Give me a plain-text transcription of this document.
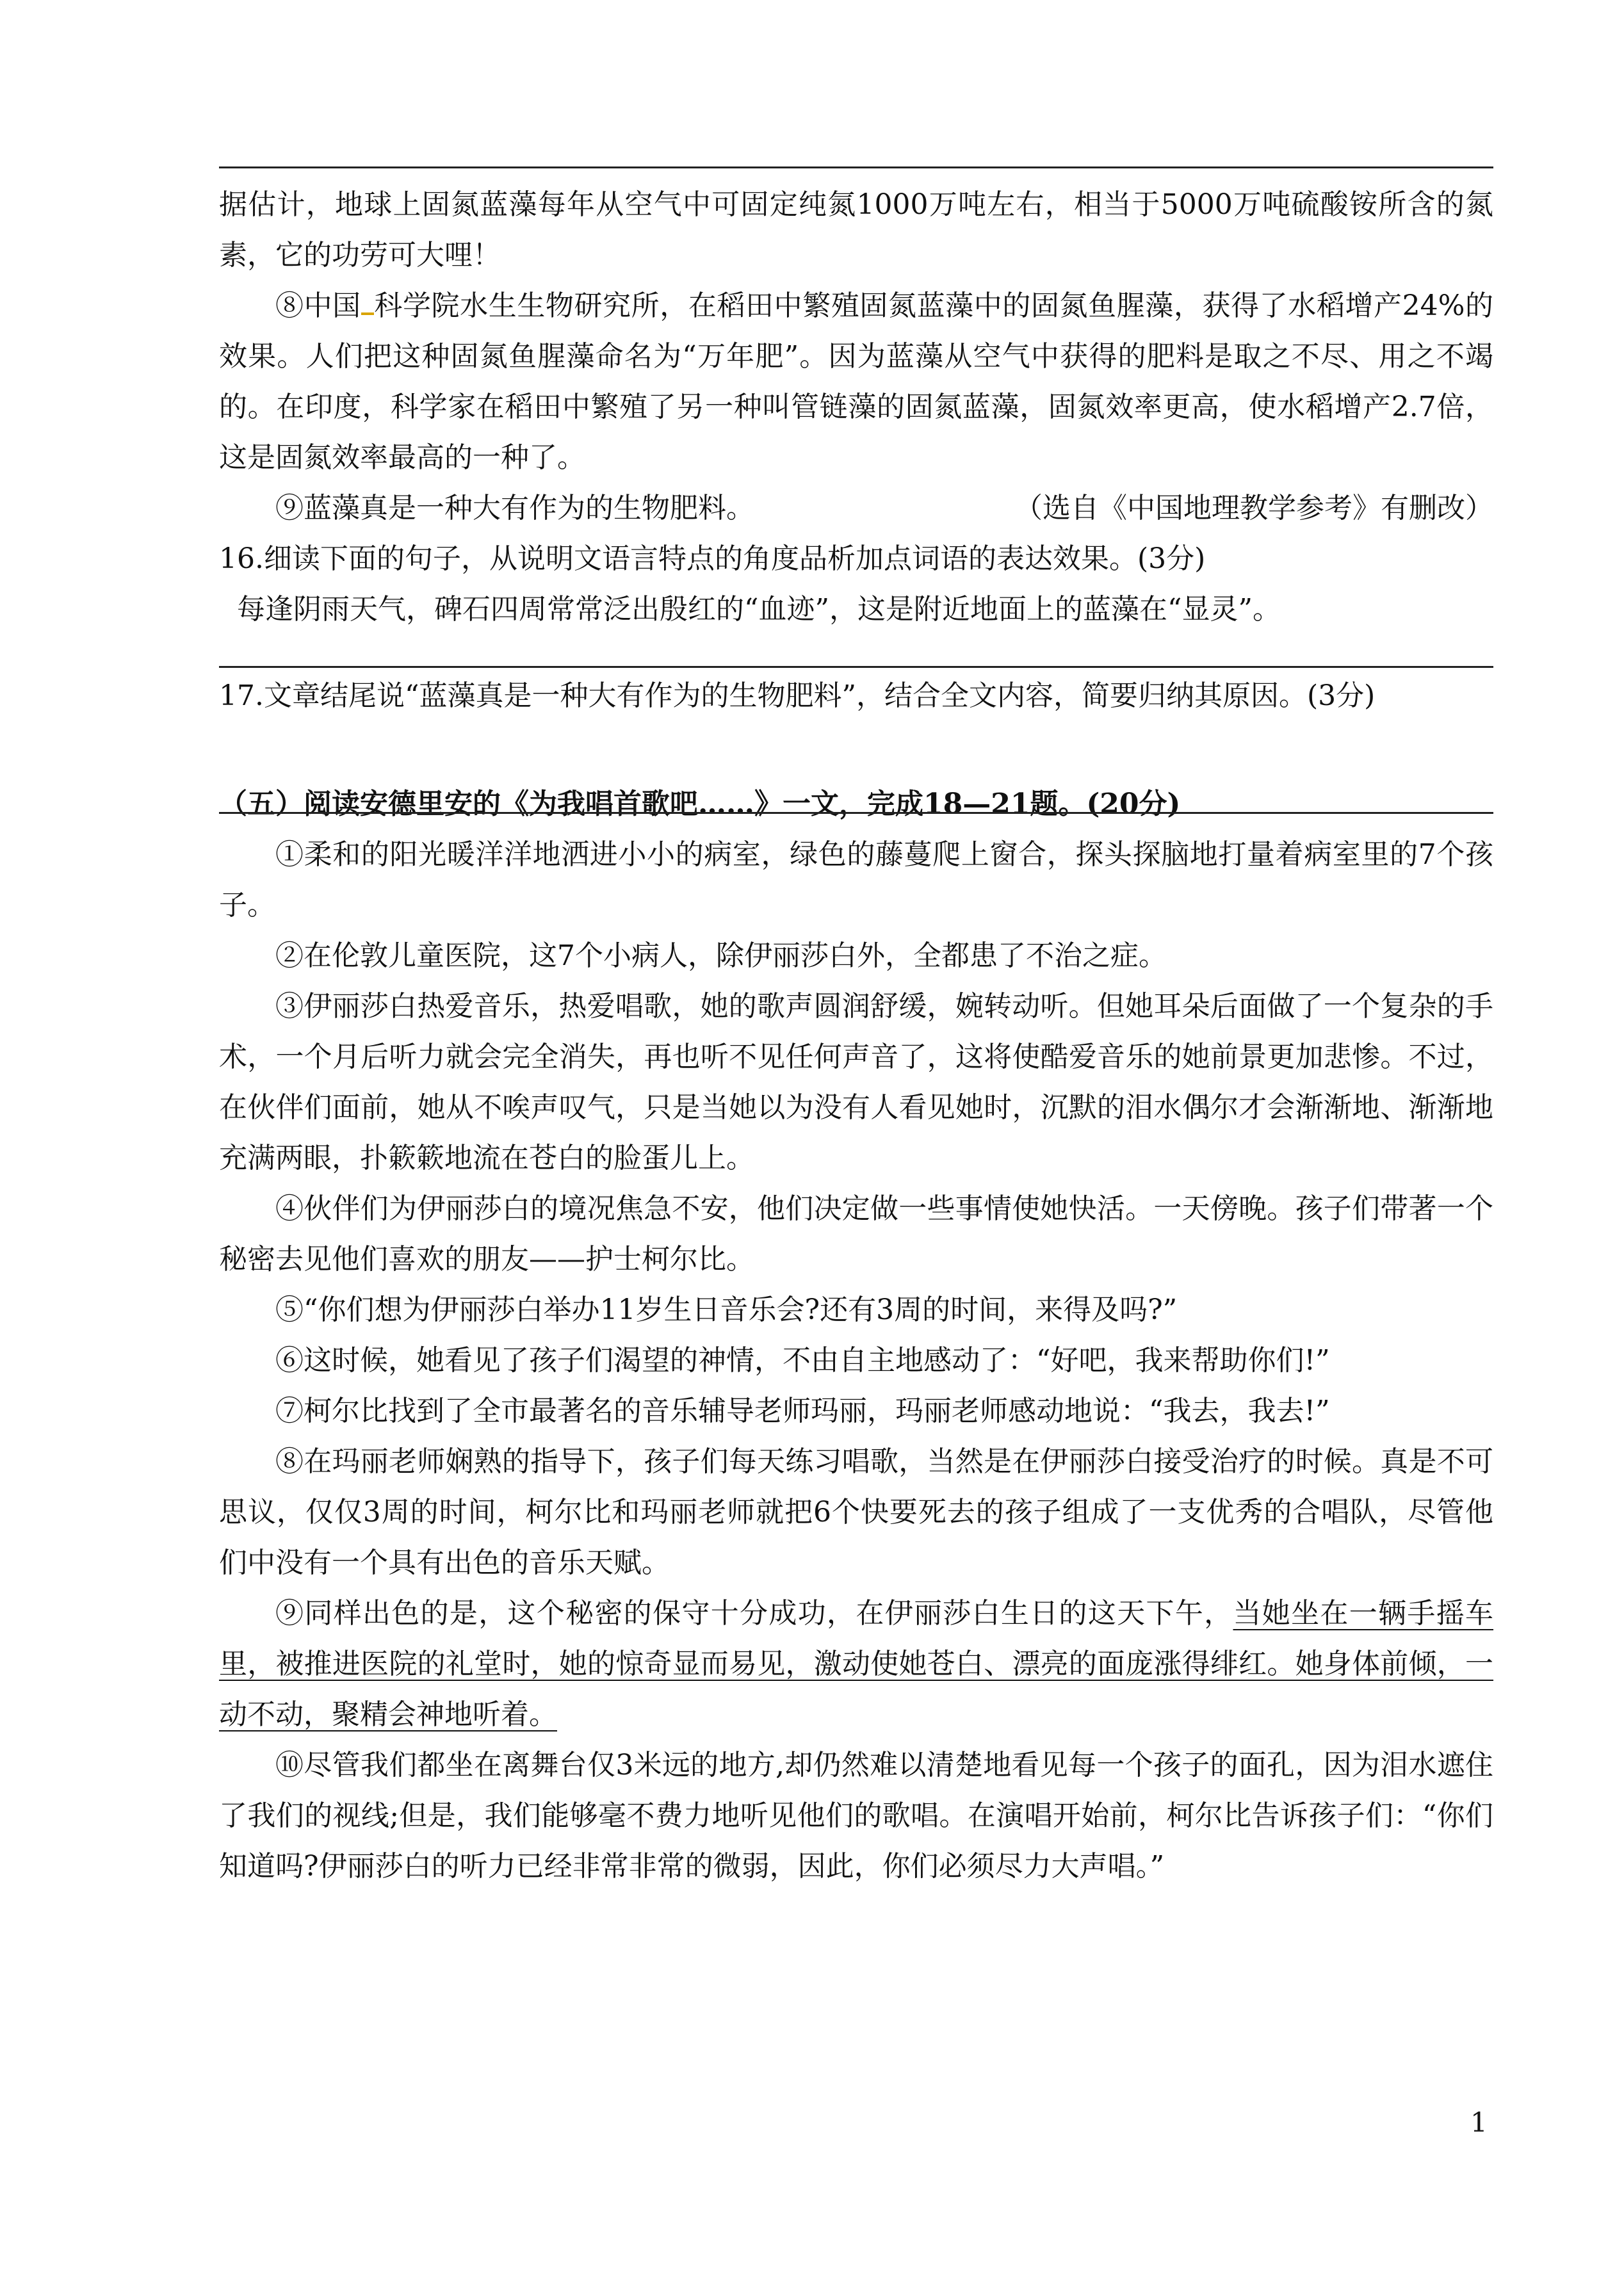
据估计，地球上固氮蓝藻每年从空气中可固定纯氮1000万吨左右，相当于5000万吨硫酸铵所含的氮素，它的功劳可大哩！

⑧中国 科学院水生生物研究所，在稻田中繁殖固氮蓝藻中的固氮鱼腥藻，获得了水稻增产24%的效果。人们把这种固氮鱼腥藻命名为“万年肥”。因为蓝藻从空气中获得的肥料是取之不尽、用之不竭的。在印度，科学家在稻田中繁殖了另一种叫管链藻的固氮蓝藻，固氮效率更高，使水稻增产2.7倍，这是固氮效率最高的一种了。

⑨蓝藻真是一种大有作为的生物肥料。	（选自《中国地理教学参考》有删改）

16.细读下面的句子，从说明文语言特点的角度品析加点词语的表达效果。(3分)

每逢阴雨天气，碑石四周常常泛出殷红的“血迹”，这是附近地面上的蓝藻在“显灵”。

17.文章结尾说“蓝藻真是一种大有作为的生物肥料”，结合全文内容，简要归纳其原因。(3分)

（五）阅读安德里安的《为我唱首歌吧……》一文，完成18—21题。(20分)

①柔和的阳光暖洋洋地洒进小小的病室，绿色的藤蔓爬上窗合，探头探脑地打量着病室里的7个孩子。

②在伦敦儿童医院，这7个小病人，除伊丽莎白外，全都患了不治之症。

③伊丽莎白热爱音乐，热爱唱歌，她的歌声圆润舒缓，婉转动听。但她耳朵后面做了一个复杂的手术，一个月后听力就会完全消失，再也听不见任何声音了，这将使酷爱音乐的她前景更加悲惨。不过，在伙伴们面前，她从不唉声叹气，只是当她以为没有人看见她时，沉默的泪水偶尔才会渐渐地、渐渐地充满两眼，扑簌簌地流在苍白的脸蛋儿上。

④伙伴们为伊丽莎白的境况焦急不安，他们决定做一些事情使她快活。一天傍晚。孩子们带著一个秘密去见他们喜欢的朋友——护士柯尔比。

⑤“你们想为伊丽莎白举办11岁生日音乐会?还有3周的时间，来得及吗?”

⑥这时候，她看见了孩子们渴望的神情，不由自主地感动了：“好吧，我来帮助你们!”

⑦柯尔比找到了全市最著名的音乐辅导老师玛丽，玛丽老师感动地说：“我去，我去!”

⑧在玛丽老师娴熟的指导下，孩子们每天练习唱歌，当然是在伊丽莎白接受治疗的时候。真是不可思议，仅仅3周的时间，柯尔比和玛丽老师就把6个快要死去的孩子组成了一支优秀的合唱队，尽管他们中没有一个具有出色的音乐天赋。

⑨同样出色的是，这个秘密的保守十分成功，在伊丽莎白生日的这天下午，当她坐在一辆手摇车里，被推进医院的礼堂时，她的惊奇显而易见，激动使她苍白、漂亮的面庞涨得绯红。她身体前倾，一动不动，聚精会神地听着。

⑩尽管我们都坐在离舞台仅3米远的地方,却仍然难以清楚地看见每一个孩子的面孔，因为泪水遮住了我们的视线;但是，我们能够毫不费力地听见他们的歌唱。在演唱开始前，柯尔比告诉孩子们：“你们知道吗?伊丽莎白的听力已经非常非常的微弱，因此，你们必须尽力大声唱。”

1
